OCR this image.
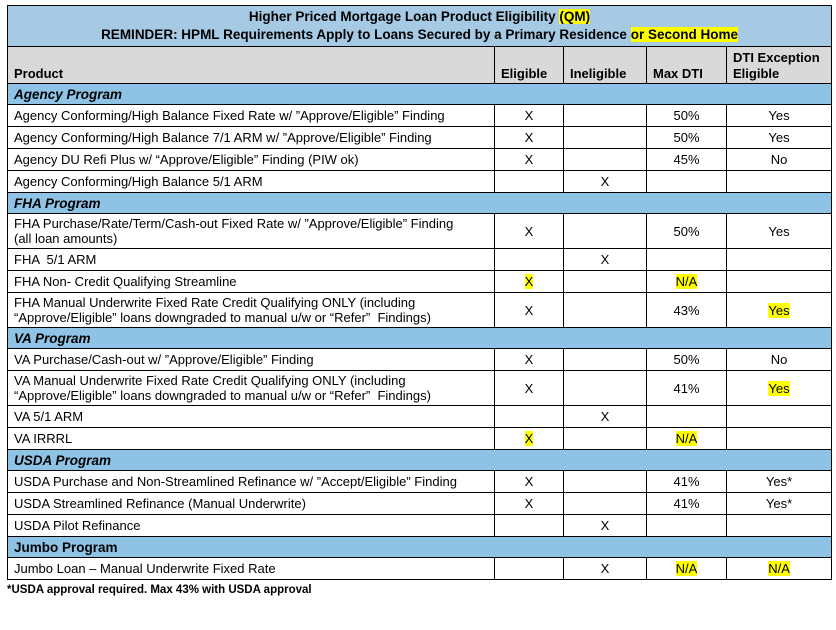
Higher Priced Mortgage Loan Product Eligibility (QM)
REMINDER: HPML Requirements Apply to Loans Secured by a Primary Residence or Second Home				
Product	Eligible	Ineligible	Max DTI	DTI Exception
Eligible
Agency Program				
Agency Conforming/High Balance Fixed Rate w/ ”Approve/Eligible” Finding	X		50%	Yes
Agency Conforming/High Balance 7/1 ARM w/ ”Approve/Eligible” Finding	X		50%	Yes
Agency DU Refi Plus w/ “Approve/Eligible” Finding (PIW ok)	X		45%	No
Agency Conforming/High Balance 5/1 ARM		X		
FHA Program				
FHA Purchase/Rate/Term/Cash-out Fixed Rate w/ ”Approve/Eligible” Finding
(all loan amounts)	X		50%	Yes
FHA  5/1 ARM		X		
FHA Non- Credit Qualifying Streamline	X		N/A	
FHA Manual Underwrite Fixed Rate Credit Qualifying ONLY (including
“Approve/Eligible” loans downgraded to manual u/w or “Refer”  Findings)	X		43%	Yes
VA Program				
VA Purchase/Cash-out w/ ”Approve/Eligible” Finding	X		50%	No
VA Manual Underwrite Fixed Rate Credit Qualifying ONLY (including
“Approve/Eligible” loans downgraded to manual u/w or “Refer”  Findings)	X		41%	Yes
VA 5/1 ARM		X		
VA IRRRL	X		N/A	
USDA Program				
USDA Purchase and Non-Streamlined Refinance w/ ”Accept/Eligible” Finding	X		41%	Yes*
USDA Streamlined Refinance (Manual Underwrite)	X		41%	Yes*
USDA Pilot Refinance		X		
Jumbo Program				
Jumbo Loan – Manual Underwrite Fixed Rate		X	N/A	N/A
*USDA approval required. Max 43% with USDA approval
